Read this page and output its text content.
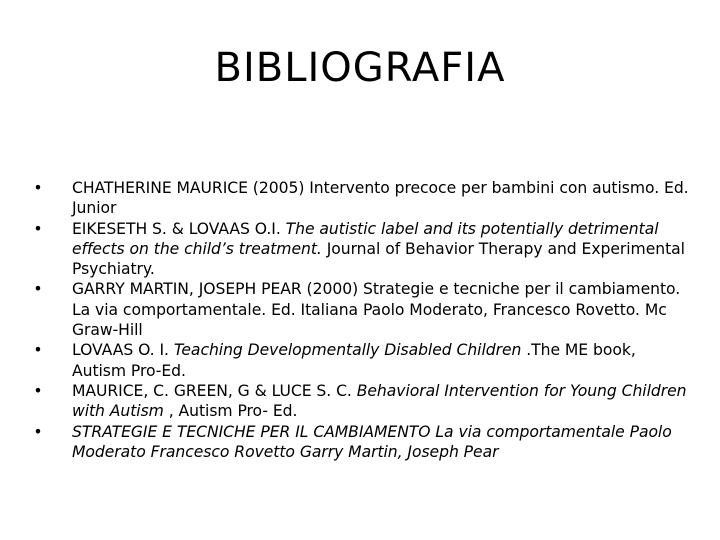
BIBLIOGRAFIA
•	CHATHERINE MAURICE (2005) Intervento precoce per bambini con autismo. Ed. Junior
•	EIKESETH S. & LOVAAS O.I. The autistic label and its potentially detrimental effects on the child’s treatment. Journal of Behavior Therapy and Experimental Psychiatry.
•	GARRY MARTIN, JOSEPH PEAR (2000) Strategie e tecniche per il cambiamento. La via comportamentale. Ed. Italiana Paolo Moderato, Francesco Rovetto. Mc Graw-Hill
•	LOVAAS O. I. Teaching Developmentally Disabled Children .The ME book, Autism Pro-Ed.
•	MAURICE, C. GREEN, G & LUCE S. C. Behavioral Intervention for Young Children with Autism , Autism Pro- Ed.
•	STRATEGIE E TECNICHE PER IL CAMBIAMENTO La via comportamentale Paolo Moderato Francesco Rovetto Garry Martin, Joseph Pear
